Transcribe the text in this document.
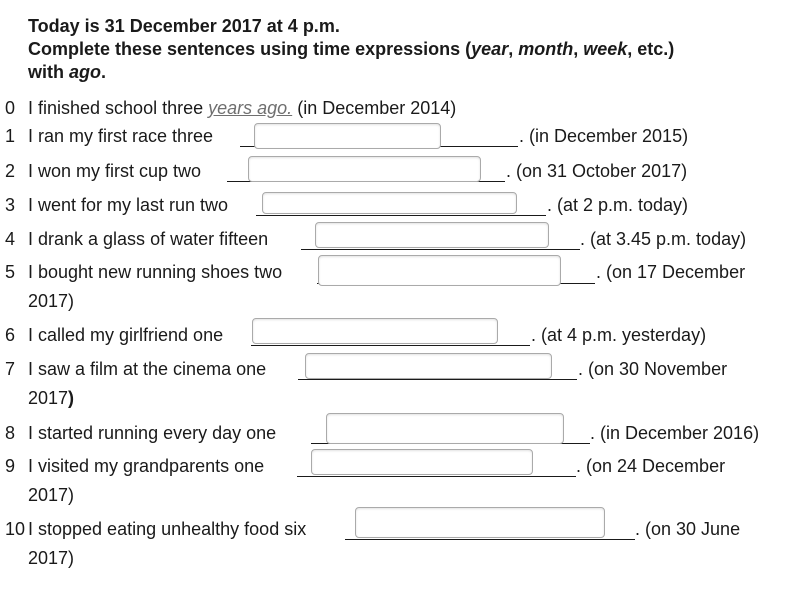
Today is 31 December 2017 at 4 p.m.
Complete these sentences using time expressions (year, month, week, etc.)
with ago.
0 I finished school three years ago. (in December 2014)
1 I ran my first race three	. (in December 2015)
2 I won my first cup two	. (on 31 October 2017)
3 I went for my last run two	. (at 2 p.m. today)
4 I drank a glass of water fifteen	. (at 3.45 p.m. today)
5 I bought new running shoes two	. (on 17 December
2017)
6 I called my girlfriend one	. (at 4 p.m. yesterday)
7 I saw a film at the cinema one	. (on 30 November
2017)
8 I started running every day one	. (in December 2016)
9 I visited my grandparents one	. (on 24 December
2017)
10 I stopped eating unhealthy food six	. (on 30 June
2017)
